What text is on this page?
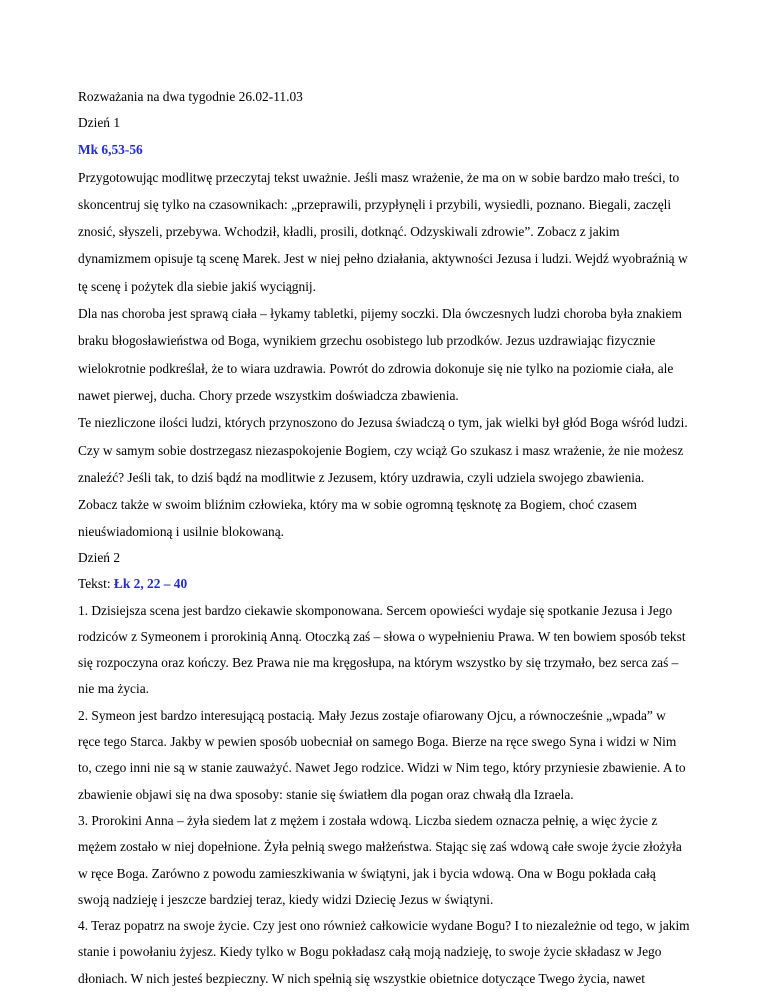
Rozważania na dwa tygodnie 26.02-11.03

Dzień 1

Mk 6,53-56

Przygotowując modlitwę przeczytaj tekst uważnie. Jeśli masz wrażenie, że ma on w sobie bardzo mało treści, to skoncentruj się tylko na czasownikach: „przeprawili, przypłynęli i przybili, wysiedli, poznano. Biegali, zaczęli znosić, słyszeli, przebywa. Wchodził, kładli, prosili, dotknąć. Odzyskiwali zdrowie”. Zobacz z jakim dynamizmem opisuje tą scenę Marek. Jest w niej pełno działania, aktywności Jezusa i ludzi. Wejdź wyobraźnią w tę scenę i pożytek dla siebie jakiś wyciągnij.

Dla nas choroba jest sprawą ciała – łykamy tabletki, pijemy soczki. Dla ówczesnych ludzi choroba była znakiem braku błogosławieństwa od Boga, wynikiem grzechu osobistego lub przodków. Jezus uzdrawiając fizycznie wielokrotnie podkreślał, że to wiara uzdrawia. Powrót do zdrowia dokonuje się nie tylko na poziomie ciała, ale nawet pierwej, ducha. Chory przede wszystkim doświadcza zbawienia.

Te niezliczone ilości ludzi, których przynoszono do Jezusa świadczą o tym, jak wielki był głód Boga wśród ludzi. Czy w samym sobie dostrzegasz niezaspokojenie Bogiem, czy wciąż Go szukasz i masz wrażenie, że nie możesz znaleźć? Jeśli tak, to dziś bądź na modlitwie z Jezusem, który uzdrawia, czyli udziela swojego zbawienia.

Zobacz także w swoim bliźnim człowieka, który ma w sobie ogromną tęsknotę za Bogiem, choć czasem nieuświadomioną i usilnie blokowaną.

Dzień 2

Tekst: Łk 2, 22 – 40

1. Dzisiejsza scena jest bardzo ciekawie skomponowana. Sercem opowieści wydaje się spotkanie Jezusa i Jego rodziców z Symeonem i prorokinią Anną. Otoczką zaś – słowa o wypełnieniu Prawa. W ten bowiem sposób tekst się rozpoczyna oraz kończy. Bez Prawa nie ma kręgosłupa, na którym wszystko by się trzymało, bez serca zaś – nie ma życia.

2. Symeon jest bardzo interesującą postacią. Mały Jezus zostaje ofiarowany Ojcu, a równocześnie „wpada” w ręce tego Starca. Jakby w pewien sposób uobecniał on samego Boga. Bierze na ręce swego Syna i widzi w Nim to, czego inni nie są w stanie zauważyć. Nawet Jego rodzice. Widzi w Nim tego, który przyniesie zbawienie. A to zbawienie objawi się na dwa sposoby: stanie się światłem dla pogan oraz chwałą dla Izraela.

3. Prorokini Anna – żyła siedem lat z mężem i została wdową. Liczba siedem oznacza pełnię, a więc życie z mężem zostało w niej dopełnione. Żyła pełnią swego małżeństwa. Stając się zaś wdową całe swoje życie złożyła w ręce Boga. Zarówno z powodu zamieszkiwania w świątyni, jak i bycia wdową. Ona w Bogu pokłada całą swoją nadzieję i jeszcze bardziej teraz, kiedy widzi Dziecię Jezus w świątyni.

4. Teraz popatrz na swoje życie. Czy jest ono również całkowicie wydane Bogu? I to niezależnie od tego, w jakim stanie i powołaniu żyjesz. Kiedy tylko w Bogu pokładasz całą moją nadzieję, to swoje życie składasz w Jego dłoniach. W nich jesteś bezpieczny. W nich spełnią się wszystkie obietnice dotyczące Twego życia, nawet
